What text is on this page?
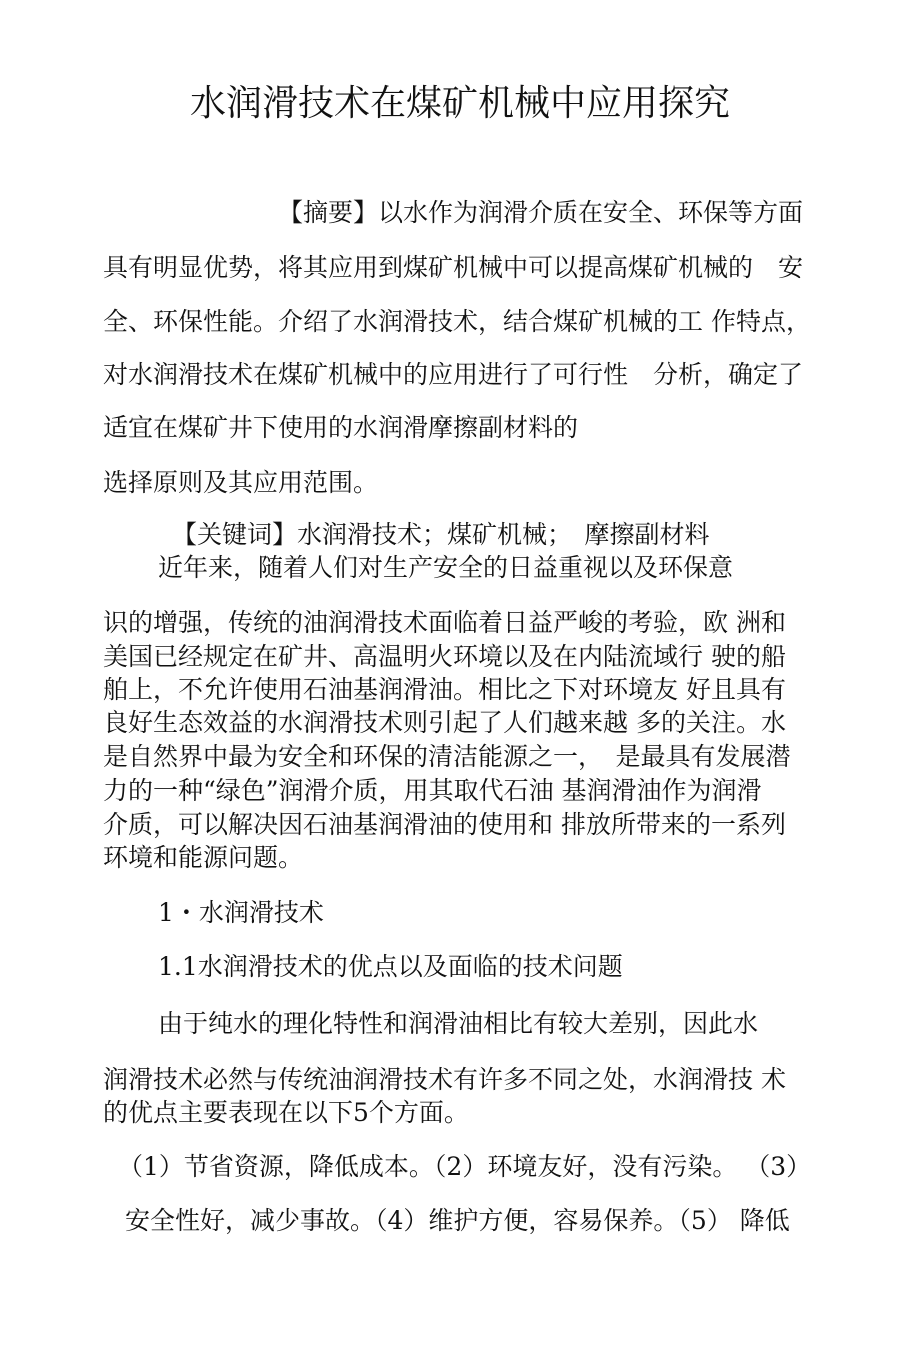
水润滑技术在煤矿机械中应用探究
【摘要】以水作为润滑介质在安全、环保等方面
具有明显优势，将其应用到煤矿机械中可以提高煤矿机械的　安
全、环保性能。介绍了水润滑技术，结合煤矿机械的工 作特点，
对水润滑技术在煤矿机械中的应用进行了可行性　分析，确定了
适宜在煤矿井下使用的水润滑摩擦副材料的
选择原则及其应用范围。
【关键词】水润滑技术；煤矿机械；　摩擦副材料
近年来，随着人们对生产安全的日益重视以及环保意
识的增强，传统的油润滑技术面临着日益严峻的考验，欧 洲和
美国已经规定在矿井、高温明火环境以及在内陆流域行 驶的船
舶上，不允许使用石油基润滑油。相比之下对环境友 好且具有
良好生态效益的水润滑技术则引起了人们越来越 多的关注。水
是自然界中最为安全和环保的清洁能源之一，　是最具有发展潜
力的一种“绿色”润滑介质，用其取代石油 基润滑油作为润滑
介质，可以解决因石油基润滑油的使用和 排放所带来的一系列
环境和能源问题。
1・水润滑技术
1.1水润滑技术的优点以及面临的技术问题
由于纯水的理化特性和润滑油相比有较大差别，因此水
润滑技术必然与传统油润滑技术有许多不同之处，水润滑技 术
的优点主要表现在以下5个方面。
（1）节省资源，降低成本。（2）环境友好，没有污染。 （3）
安全性好，减少事故。（4）维护方便，容易保养。（5） 降低
